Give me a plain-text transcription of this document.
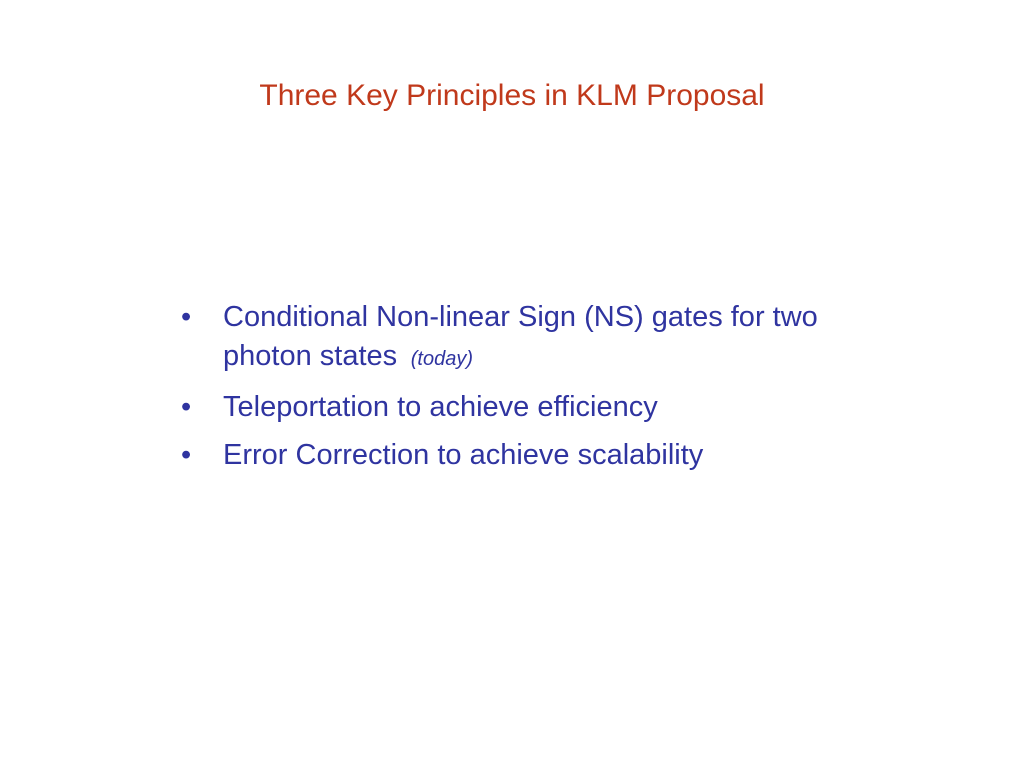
Three Key Principles in KLM Proposal
• Conditional Non-linear Sign (NS) gates for two photon states  (today)
• Teleportation to achieve efficiency
• Error Correction to achieve scalability
